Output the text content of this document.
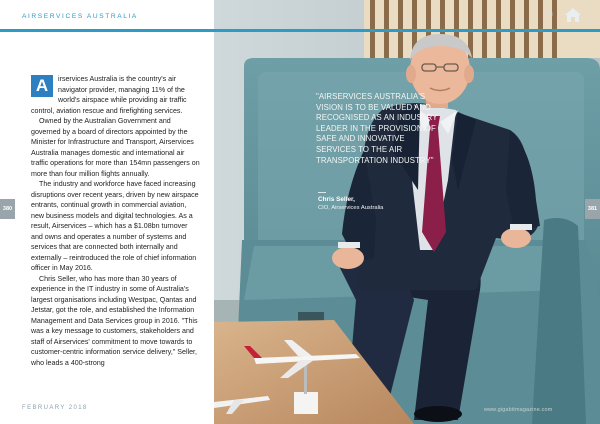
AIRSERVICES AUSTRALIA
A	irservices Australia is the country's air navigator provider, managing 11% of the world's airspace while providing air traffic control, aviation rescue and firefighting services.

Owned by the Australian Government and governed by a board of directors appointed by the Minister for Infrastructure and Transport, Airservices Australia manages domestic and international air traffic operations for more than 154mn passengers on more than four million flights annually.

The industry and workforce have faced increasing disruptions over recent years, driven by new airspace entrants, continual growth in commercial aviation, new business models and digital technologies. As a result, Airservices – which has a $1.08bn turnover and owns and operates a number of systems and services that are connected both internally and externally – reintroduced the role of chief information officer in May 2016.

Chris Seller, who has more than 30 years of experience in the IT industry in some of Australia's largest organisations including Westpac, Qantas and Jetstar, got the role, and established the Information Management and Data Services group in 2016. "This was a key message to customers, stakeholders and staff of Airservices' commitment to move towards to customer-centric information service delivery," Seller, who leads a 400-strong

FEBRUARY 2018
38
"AIRSERVICES AUSTRALIA'S VISION IS TO BE VALUED AND RECOGNISED AS AN INDUSTRY LEADER IN THE PROVISION OF SAFE AND INNOVATIVE SERVICES TO THE AIR TRANSPORTATION INDUSTRY"
Chris Seller,
CIO, Airservices Australia
www.gigabitmagazine.com
380	381
